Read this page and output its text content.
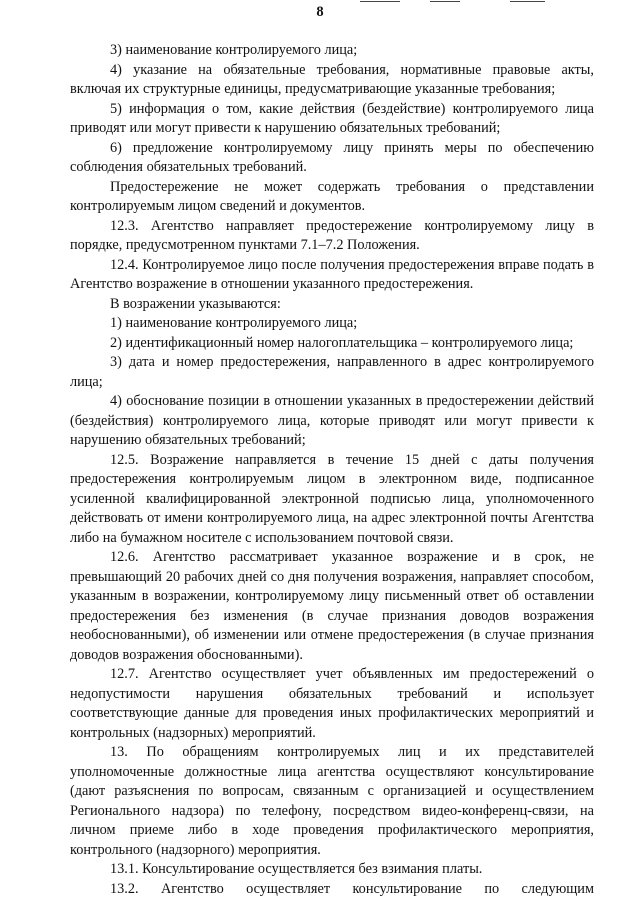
8

3) наименование контролируемого лица;

4) указание на обязательные требования, нормативные правовые акты, включая их структурные единицы, предусматривающие указанные требования;

5) информация о том, какие действия (бездействие) контролируемого лица приводят или могут привести к нарушению обязательных требований;

6) предложение контролируемому лицу принять меры по обеспечению соблюдения обязательных требований.

Предостережение не может содержать требования о представлении контролируемым лицом сведений и документов.

12.3. Агентство направляет предостережение контролируемому лицу в порядке, предусмотренном пунктами 7.1–7.2 Положения.

12.4. Контролируемое лицо после получения предостережения вправе подать в Агентство возражение в отношении указанного предостережения.

В возражении указываются:

1) наименование контролируемого лица;

2) идентификационный номер налогоплательщика – контролируемого лица;

3) дата и номер предостережения, направленного в адрес контролируемого лица;

4) обоснование позиции в отношении указанных в предостережении действий (бездействия) контролируемого лица, которые приводят или могут привести к нарушению обязательных требований;

12.5. Возражение направляется в течение 15 дней с даты получения предостережения контролируемым лицом в электронном виде, подписанное усиленной квалифицированной электронной подписью лица, уполномоченного действовать от имени контролируемого лица, на адрес электронной почты Агентства либо на бумажном носителе с использованием почтовой связи.

12.6. Агентство рассматривает указанное возражение и в срок, не превышающий 20 рабочих дней со дня получения возражения, направляет способом, указанным в возражении, контролируемому лицу письменный ответ об оставлении предостережения без изменения (в случае признания доводов возражения необоснованными), об изменении или отмене предостережения (в случае признания доводов возражения обоснованными).

12.7. Агентство осуществляет учет объявленных им предостережений о недопустимости нарушения обязательных требований и использует соответствующие данные для проведения иных профилактических мероприятий и контрольных (надзорных) мероприятий.

13. По обращениям контролируемых лиц и их представителей уполномоченные должностные лица агентства осуществляют консультирование (дают разъяснения по вопросам, связанным с организацией и осуществлением Регионального надзора) по телефону, посредством видео-конференц-связи, на личном приеме либо в ходе проведения профилактического мероприятия, контрольного (надзорного) мероприятия.

13.1. Консультирование осуществляется без взимания платы.

13.2. Агентство осуществляет консультирование по следующим
